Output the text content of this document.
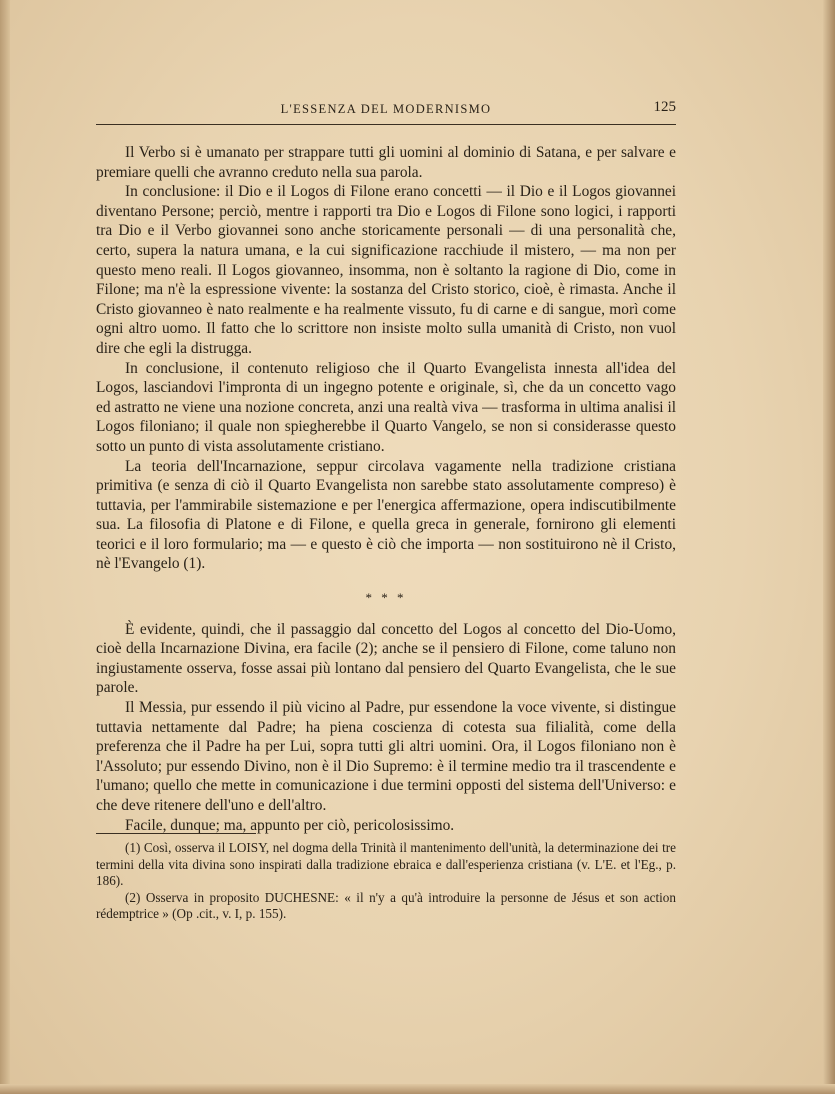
L'ESSENZA DEL MODERNISMO	125

Il Verbo si è umanato per strappare tutti gli uomini al dominio di Satana, e per salvare e premiare quelli che avranno creduto nella sua parola.

In conclusione: il Dio e il Logos di Filone erano concetti — il Dio e il Logos giovannei diventano Persone; perciò, mentre i rapporti tra Dio e Logos di Filone sono logici, i rapporti tra Dio e il Verbo giovannei sono anche storicamente personali — di una personalità che, certo, supera la natura umana, e la cui significazione racchiude il mistero, — ma non per questo meno reali. Il Logos giovanneo, insomma, non è soltanto la ragione di Dio, come in Filone; ma n'è la espressione vivente: la sostanza del Cristo storico, cioè, è rimasta. Anche il Cristo giovanneo è nato realmente e ha realmente vissuto, fu di carne e di sangue, morì come ogni altro uomo. Il fatto che lo scrittore non insiste molto sulla umanità di Cristo, non vuol dire che egli la distrugga.

In conclusione, il contenuto religioso che il Quarto Evangelista innesta all'idea del Logos, lasciandovi l'impronta di un ingegno potente e originale, sì, che da un concetto vago ed astratto ne viene una nozione concreta, anzi una realtà viva — trasforma in ultima analisi il Logos filoniano; il quale non spiegherebbe il Quarto Vangelo, se non si considerasse questo sotto un punto di vista assolutamente cristiano.

La teoria dell'Incarnazione, seppur circolava vagamente nella tradizione cristiana primitiva (e senza di ciò il Quarto Evangelista non sarebbe stato assolutamente compreso) è tuttavia, per l'ammirabile sistemazione e per l'energica affermazione, opera indiscutibilmente sua. La filosofia di Platone e di Filone, e quella greca in generale, fornirono gli elementi teorici e il loro formulario; ma — e questo è ciò che importa — non sostituirono nè il Cristo, nè l'Evangelo (1).

* * *

È evidente, quindi, che il passaggio dal concetto del Logos al concetto del Dio-Uomo, cioè della Incarnazione Divina, era facile (2); anche se il pensiero di Filone, come taluno non ingiustamente osserva, fosse assai più lontano dal pensiero del Quarto Evangelista, che le sue parole.

Il Messia, pur essendo il più vicino al Padre, pur essendone la voce vivente, si distingue tuttavia nettamente dal Padre; ha piena coscienza di cotesta sua filialità, come della preferenza che il Padre ha per Lui, sopra tutti gli altri uomini. Ora, il Logos filoniano non è l'Assoluto; pur essendo Divino, non è il Dio Supremo: è il termine medio tra il trascendente e l'umano; quello che mette in comunicazione i due termini opposti del sistema dell'Universo: e che deve ritenere dell'uno e dell'altro.

Facile, dunque; ma, appunto per ciò, pericolosissimo.

(1) Così, osserva il LOISY, nel dogma della Trinità il mantenimento dell'unità, la determinazione dei tre termini della vita divina sono inspirati dalla tradizione ebraica e dall'esperienza cristiana (v. L'E. et l'Eg., p. 186).

(2) Osserva in proposito DUCHESNE: « il n'y a qu'à introduire la personne de Jésus et son action rédemptrice » (Op .cit., v. I, p. 155).
